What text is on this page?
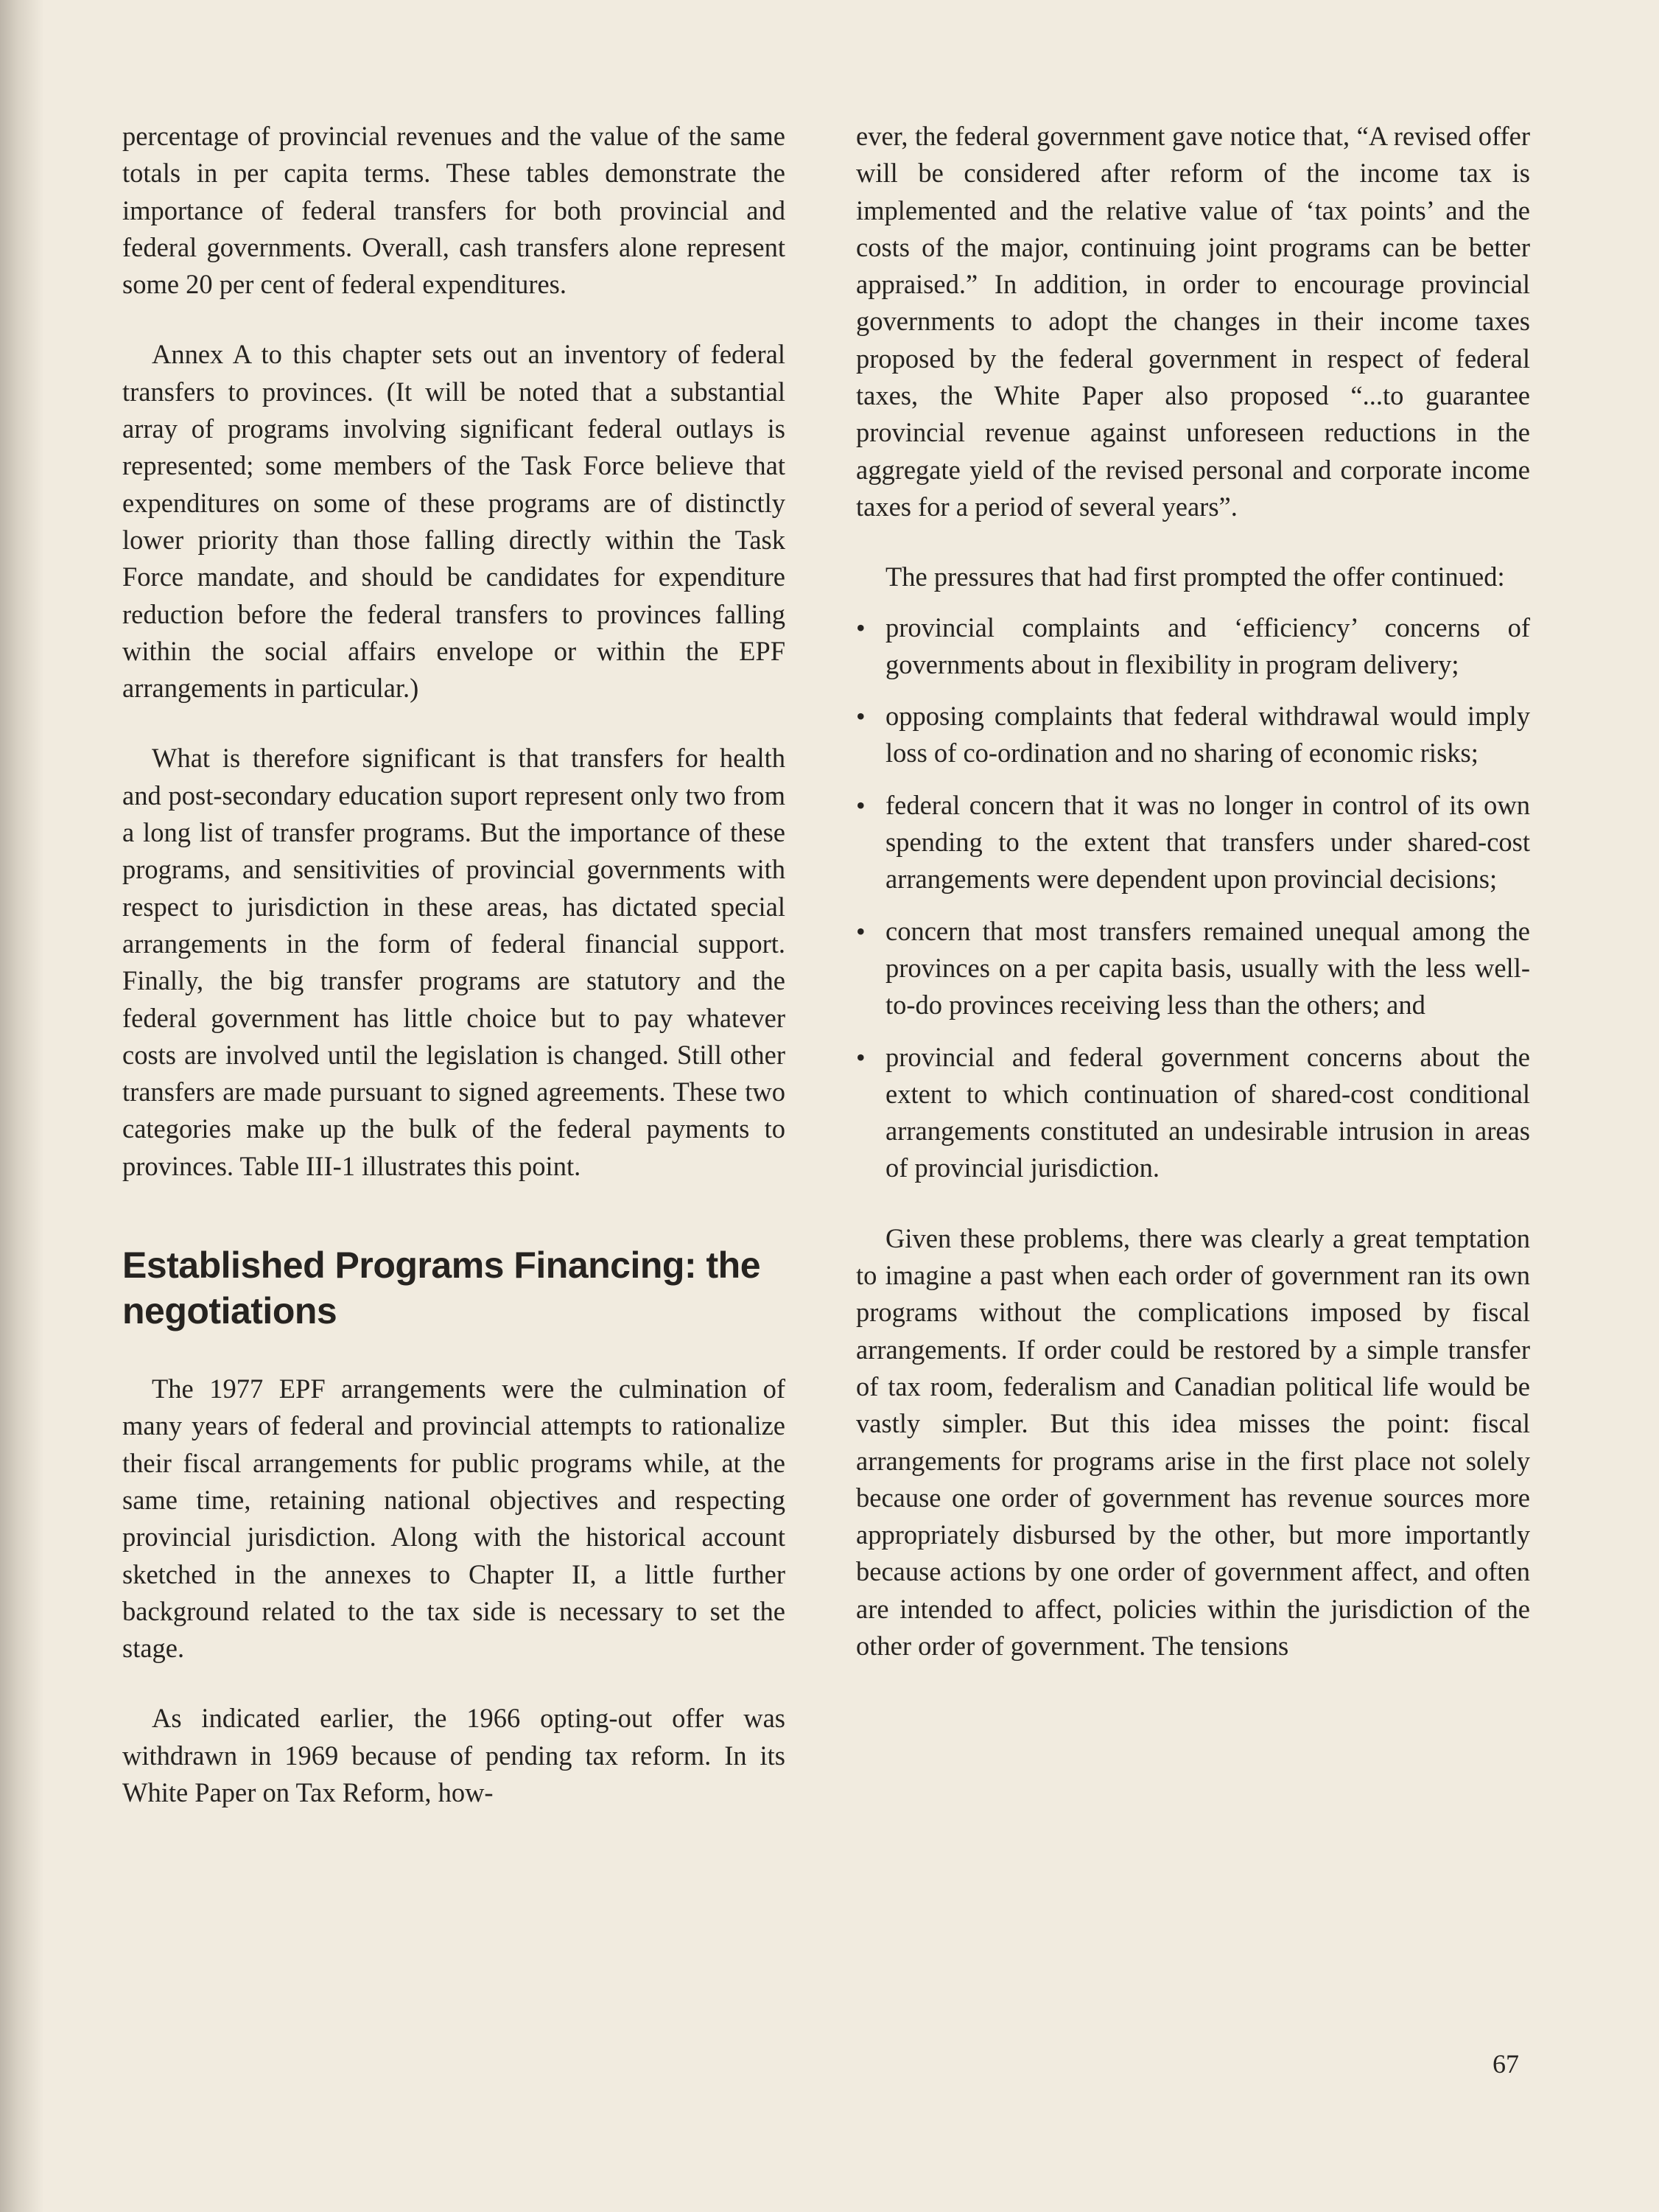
percentage of provincial revenues and the value of the same totals in per capita terms. These tables demonstrate the importance of federal transfers for both provincial and federal governments. Overall, cash transfers alone represent some 20 per cent of federal expenditures.

Annex A to this chapter sets out an inventory of federal transfers to provinces. (It will be noted that a substantial array of programs involving significant federal outlays is represented; some members of the Task Force believe that expenditures on some of these programs are of distinctly lower priority than those falling directly within the Task Force mandate, and should be candidates for expenditure reduction before the federal transfers to provinces falling within the social affairs envelope or within the EPF arrangements in particular.)

What is therefore significant is that transfers for health and post-secondary education suport represent only two from a long list of transfer programs. But the importance of these programs, and sensitivities of provincial governments with respect to jurisdiction in these areas, has dictated special arrangements in the form of federal financial support. Finally, the big transfer programs are statutory and the federal government has little choice but to pay whatever costs are involved until the legislation is changed. Still other transfers are made pursuant to signed agreements. These two categories make up the bulk of the federal payments to provinces. Table III-1 illustrates this point.

Established Programs Financing: the negotiations

The 1977 EPF arrangements were the culmination of many years of federal and provincial attempts to rationalize their fiscal arrangements for public programs while, at the same time, retaining national objectives and respecting provincial jurisdiction. Along with the historical account sketched in the annexes to Chapter II, a little further background related to the tax side is necessary to set the stage.

As indicated earlier, the 1966 opting-out offer was withdrawn in 1969 because of pending tax reform. In its White Paper on Tax Reform, how-

ever, the federal government gave notice that, “A revised offer will be considered after reform of the income tax is implemented and the relative value of ‘tax points’ and the costs of the major, continuing joint programs can be better appraised.” In addition, in order to encourage provincial governments to adopt the changes in their income taxes proposed by the federal government in respect of federal taxes, the White Paper also proposed “...to guarantee provincial revenue against unforeseen reductions in the aggregate yield of the revised personal and corporate income taxes for a period of several years”.

The pressures that had first prompted the offer continued:

• provincial complaints and ‘efficiency’ concerns of governments about in flexibility in program delivery;
• opposing complaints that federal withdrawal would imply loss of co-ordination and no sharing of economic risks;
• federal concern that it was no longer in control of its own spending to the extent that transfers under shared-cost arrangements were dependent upon provincial decisions;
• concern that most transfers remained unequal among the provinces on a per capita basis, usually with the less well-to-do provinces receiving less than the others; and
• provincial and federal government concerns about the extent to which continuation of shared-cost conditional arrangements constituted an undesirable intrusion in areas of provincial jurisdiction.

Given these problems, there was clearly a great temptation to imagine a past when each order of government ran its own programs without the complications imposed by fiscal arrangements. If order could be restored by a simple transfer of tax room, federalism and Canadian political life would be vastly simpler. But this idea misses the point: fiscal arrangements for programs arise in the first place not solely because one order of government has revenue sources more appropriately disbursed by the other, but more importantly because actions by one order of government affect, and often are intended to affect, policies within the jurisdiction of the other order of government. The tensions

67
